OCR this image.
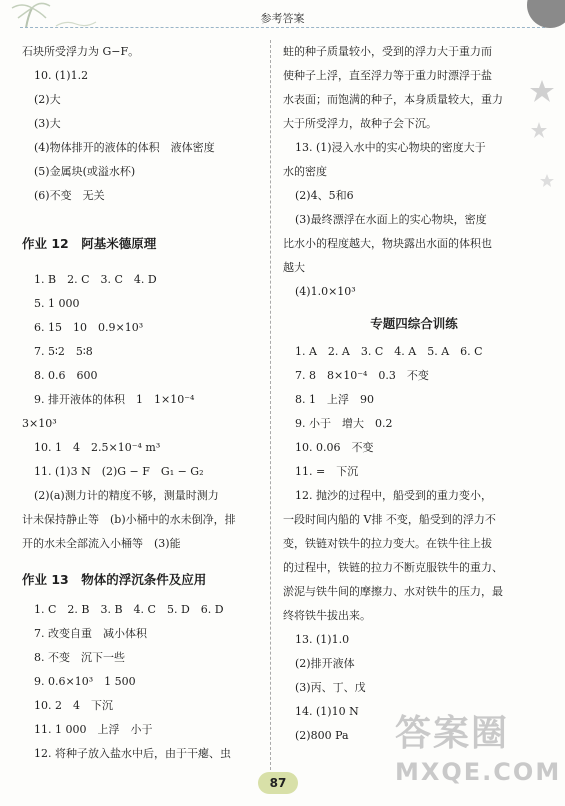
参考答案
石块所受浮力为 G−F。
10. (1)1.2
(2)大
(3)大
(4)物体排开的液体的体积　液体密度
(5)金属块(或溢水杯)
(6)不变　无关
作业 12　阿基米德原理
1. B　2. C　3. C　4. D
5. 1 000
6. 15　10　0.9×10³
7. 5∶2　5∶8
8. 0.6　600
9. 排开液体的体积　1　1×10⁻⁴
3×10³
10. 1　4　2.5×10⁻⁴ m³
11. (1)3 N　(2)G − F　G₁ − G₂
(2)(a)测力计的精度不够，测量时测力
计未保持静止等　(b)小桶中的水未倒净，排
开的水未全部流入小桶等　(3)能
作业 13　物体的浮沉条件及应用
1. C　2. B　3. B　4. C　5. D　6. D
7. 改变自重　减小体积
8. 不变　沉下一些
9. 0.6×10³　1 500
10. 2　4　下沉
11. 1 000　上浮　小于
12. 将种子放入盐水中后，由于干瘪、虫
蛀的种子质量较小，受到的浮力大于重力而
使种子上浮，直至浮力等于重力时漂浮于盐
水表面；而饱满的种子，本身质量较大，重力
大于所受浮力，故种子会下沉。
13. (1)浸入水中的实心物块的密度大于
水的密度
(2)4、5和6
(3)最终漂浮在水面上的实心物块，密度
比水小的程度越大，物块露出水面的体积也
越大
(4)1.0×10³
专题四综合训练
1. A　2. A　3. C　4. A　5. A　6. C
7. 8　8×10⁻⁴　0.3　不变
8. 1　上浮　90
9. 小于　增大　0.2
10. 0.06　不变
11. =　下沉
12. 抛沙的过程中，船受到的重力变小，
一段时间内船的 V排 不变，船受到的浮力不
变，铁链对铁牛的拉力变大。在铁牛往上拔
的过程中，铁链的拉力不断克服铁牛的重力、
淤泥与铁牛间的摩擦力、水对铁牛的压力，最
终将铁牛拔出来。
13. (1)1.0
(2)排开液体
(3)丙、丁、戊
14. (1)10 N
(2)800 Pa
87
答案圈
MXQE.COM
